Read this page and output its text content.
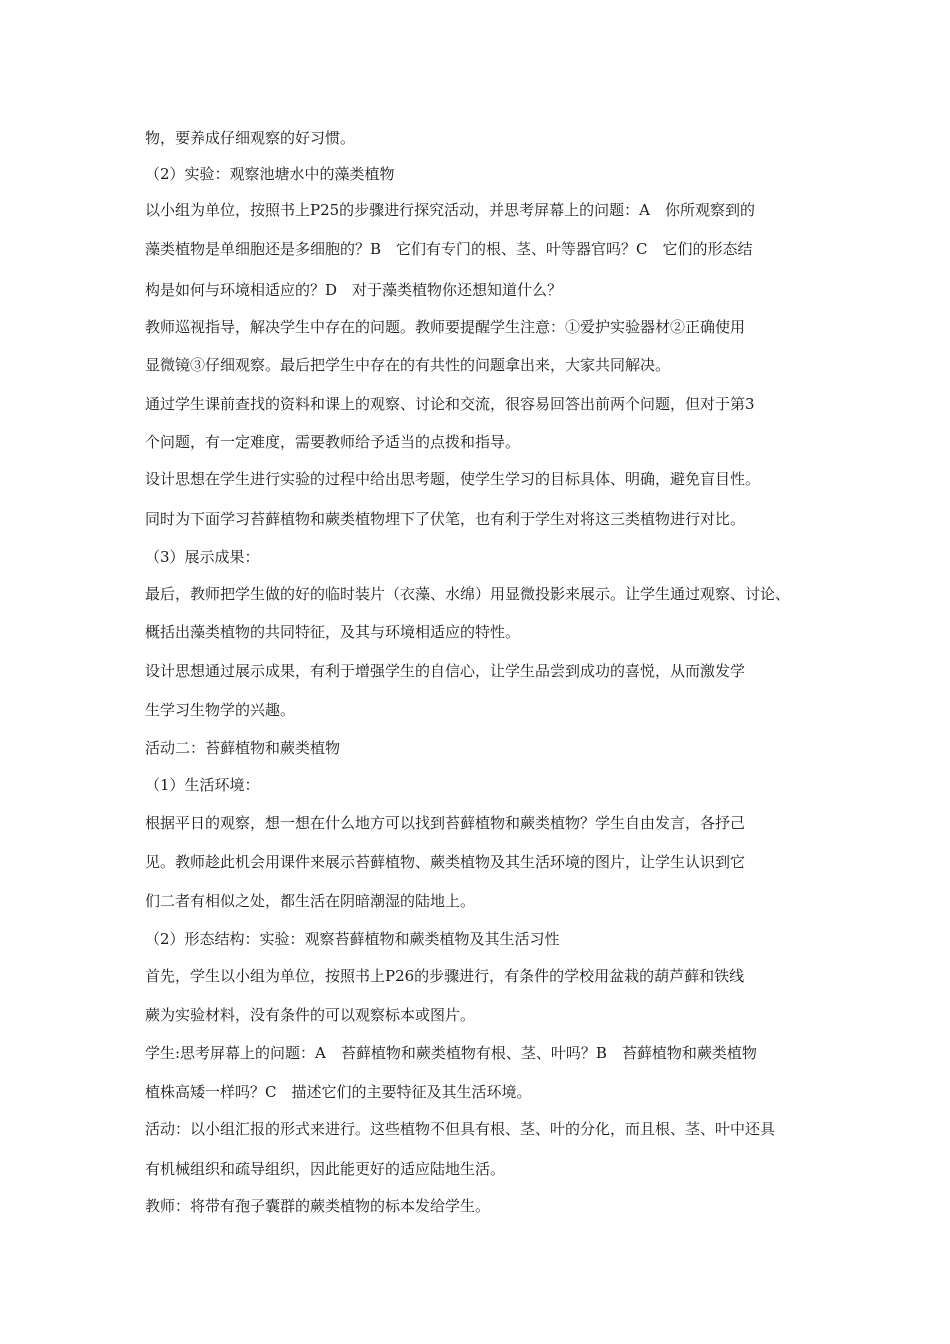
物，要养成仔细观察的好习惯。
（2）实验：观察池塘水中的藻类植物
以小组为单位，按照书上P25的步骤进行探究活动，并思考屏幕上的问题：A　你所观察到的
藻类植物是单细胞还是多细胞的？B　它们有专门的根、茎、叶等器官吗？C　它们的形态结
构是如何与环境相适应的？D　对于藻类植物你还想知道什么？
教师巡视指导，解决学生中存在的问题。教师要提醒学生注意：①爱护实验器材②正确使用
显微镜③仔细观察。最后把学生中存在的有共性的问题拿出来，大家共同解决。
通过学生课前查找的资料和课上的观察、讨论和交流，很容易回答出前两个问题，但对于第3
个问题，有一定难度，需要教师给予适当的点拨和指导。
设计思想在学生进行实验的过程中给出思考题，使学生学习的目标具体、明确，避免盲目性。
同时为下面学习苔藓植物和蕨类植物埋下了伏笔，也有利于学生对将这三类植物进行对比。
（3）展示成果：
最后，教师把学生做的好的临时装片（衣藻、水绵）用显微投影来展示。让学生通过观察、讨论、
概括出藻类植物的共同特征，及其与环境相适应的特性。
设计思想通过展示成果，有利于增强学生的自信心，让学生品尝到成功的喜悦，从而激发学
生学习生物学的兴趣。
活动二：苔藓植物和蕨类植物
（1）生活环境：
根据平日的观察，想一想在什么地方可以找到苔藓植物和蕨类植物？学生自由发言，各抒己
见。教师趁此机会用课件来展示苔藓植物、蕨类植物及其生活环境的图片，让学生认识到它
们二者有相似之处，都生活在阴暗潮湿的陆地上。
（2）形态结构：实验：观察苔藓植物和蕨类植物及其生活习性
首先，学生以小组为单位，按照书上P26的步骤进行，有条件的学校用盆栽的葫芦藓和铁线
蕨为实验材料，没有条件的可以观察标本或图片。
学生:思考屏幕上的问题：A　苔藓植物和蕨类植物有根、茎、叶吗？B　苔藓植物和蕨类植物
植株高矮一样吗？C　描述它们的主要特征及其生活环境。
活动：以小组汇报的形式来进行。这些植物不但具有根、茎、叶的分化，而且根、茎、叶中还具
有机械组织和疏导组织，因此能更好的适应陆地生活。
教师：将带有孢子囊群的蕨类植物的标本发给学生。
